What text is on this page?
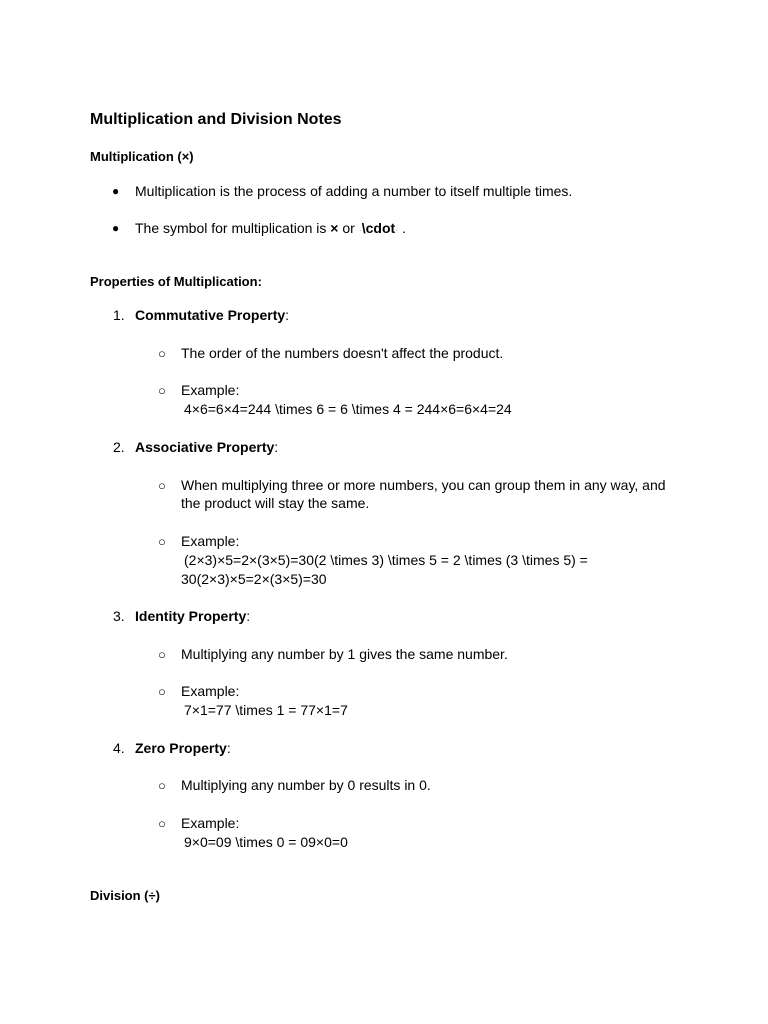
Multiplication and Division Notes
Multiplication (×)
● Multiplication is the process of adding a number to itself multiple times.
● The symbol for multiplication is × or ·\cdot· .
Properties of Multiplication:
1. Commutative Property:
○ The order of the numbers doesn't affect the product.
○ Example:
4×6=6×4=244 \times 6 = 6 \times 4 = 244×6=6×4=24
2. Associative Property:
○ When multiplying three or more numbers, you can group them in any way, and
the product will stay the same.
○ Example:
(2×3)×5=2×(3×5)=30(2 \times 3) \times 5 = 2 \times (3 \times 5) =
30(2×3)×5=2×(3×5)=30
3. Identity Property:
○ Multiplying any number by 1 gives the same number.
○ Example:
7×1=77 \times 1 = 77×1=7
4. Zero Property:
○ Multiplying any number by 0 results in 0.
○ Example:
9×0=09 \times 0 = 09×0=0
Division (÷)
